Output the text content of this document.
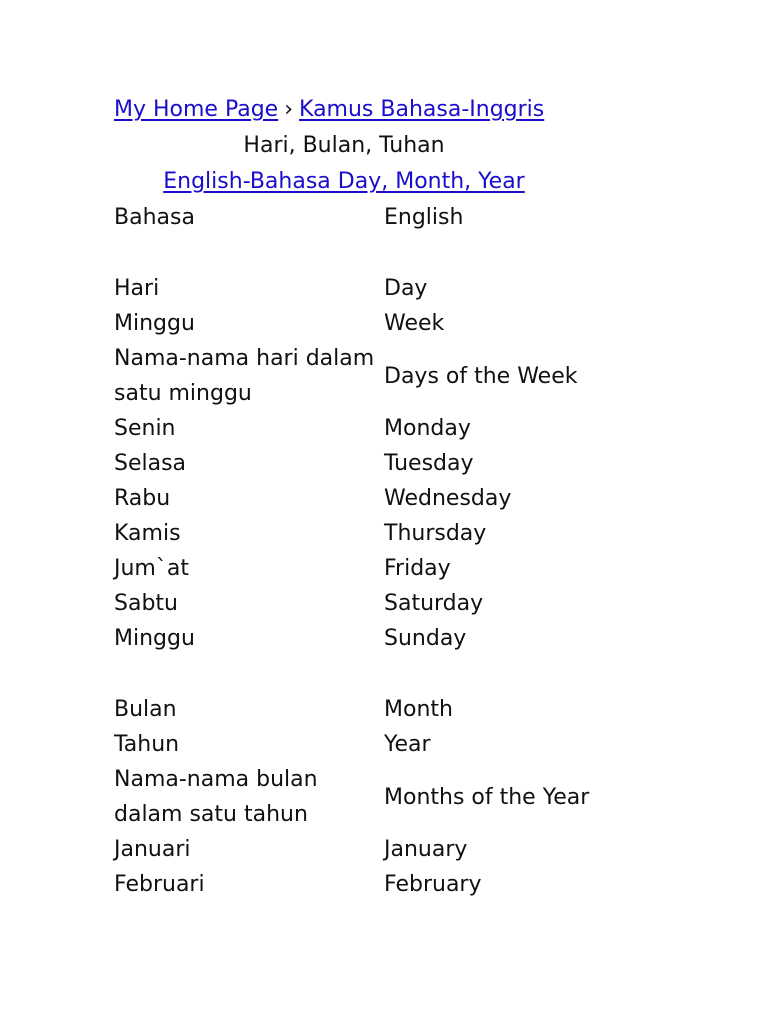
My Home Page › Kamus Bahasa-Inggris
Hari, Bulan, Tuhan
English-Bahasa Day, Month, Year
Bahasa	English

Hari	Day
Minggu	Week
Nama-nama hari dalam satu minggu	Days of the Week
Senin	Monday
Selasa	Tuesday
Rabu	Wednesday
Kamis	Thursday
Jum`at	Friday
Sabtu	Saturday
Minggu	Sunday

Bulan	Month
Tahun	Year
Nama-nama bulan dalam satu tahun	Months of the Year
Januari	January
Februari	February
